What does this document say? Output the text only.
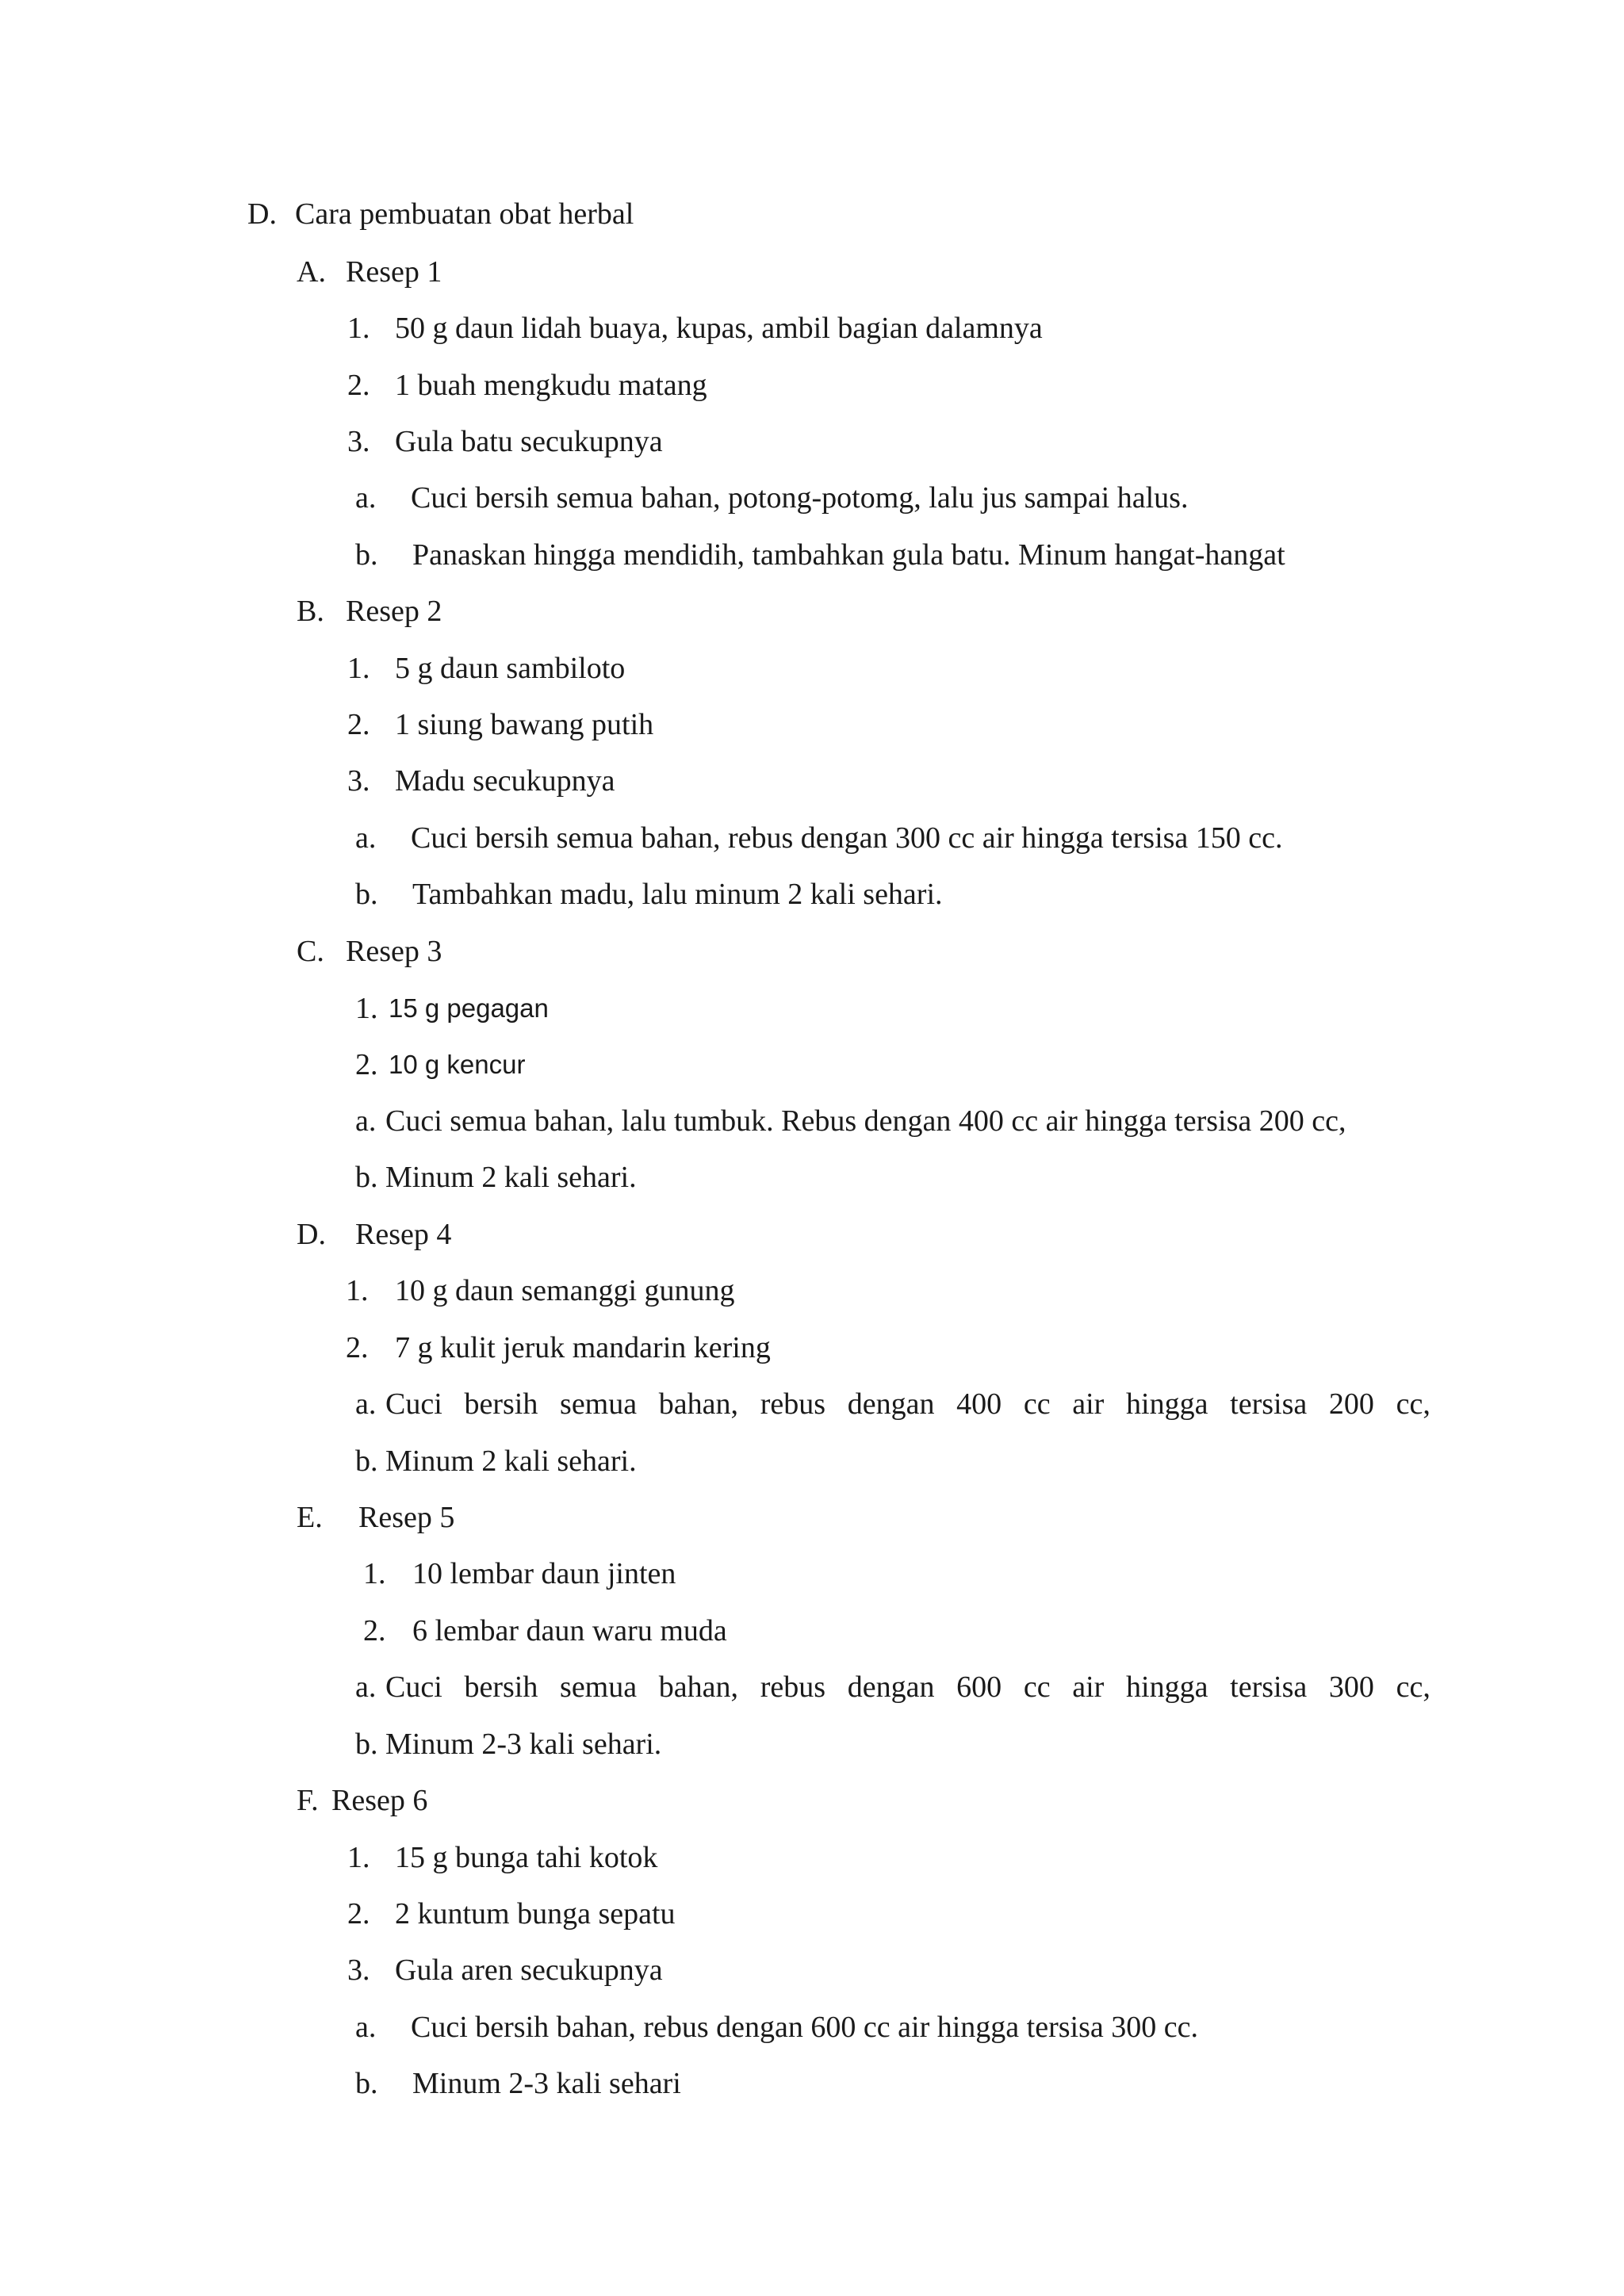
D. Cara pembuatan obat herbal
A. Resep 1
1. 50 g daun lidah buaya, kupas, ambil bagian dalamnya
2. 1 buah mengkudu matang
3. Gula batu secukupnya
a. Cuci bersih semua bahan, potong-potomg, lalu jus sampai halus.
b. Panaskan hingga mendidih, tambahkan gula batu. Minum hangat-hangat
B. Resep 2
1. 5 g daun sambiloto
2. 1 siung bawang putih
3. Madu secukupnya
a. Cuci bersih semua bahan, rebus dengan 300 cc air hingga tersisa 150 cc.
b. Tambahkan madu, lalu minum 2 kali sehari.
C. Resep 3
1. 15 g pegagan
2. 10 g kencur
a. Cuci semua bahan, lalu tumbuk. Rebus dengan 400 cc air hingga tersisa 200 cc,
b. Minum 2 kali sehari.
D. Resep 4
1. 10 g daun semanggi gunung
2. 7 g kulit jeruk mandarin kering
a. Cuci bersih semua bahan, rebus dengan 400 cc air hingga tersisa 200 cc,
b. Minum 2 kali sehari.
E. Resep 5
1. 10 lembar daun jinten
2. 6 lembar daun waru muda
a. Cuci bersih semua bahan, rebus dengan 600 cc air hingga tersisa 300 cc,
b. Minum 2-3 kali sehari.
F. Resep 6
1. 15 g bunga tahi kotok
2. 2 kuntum bunga sepatu
3. Gula aren secukupnya
a. Cuci bersih bahan, rebus dengan 600 cc air hingga tersisa 300 cc.
b. Minum 2-3 kali sehari
